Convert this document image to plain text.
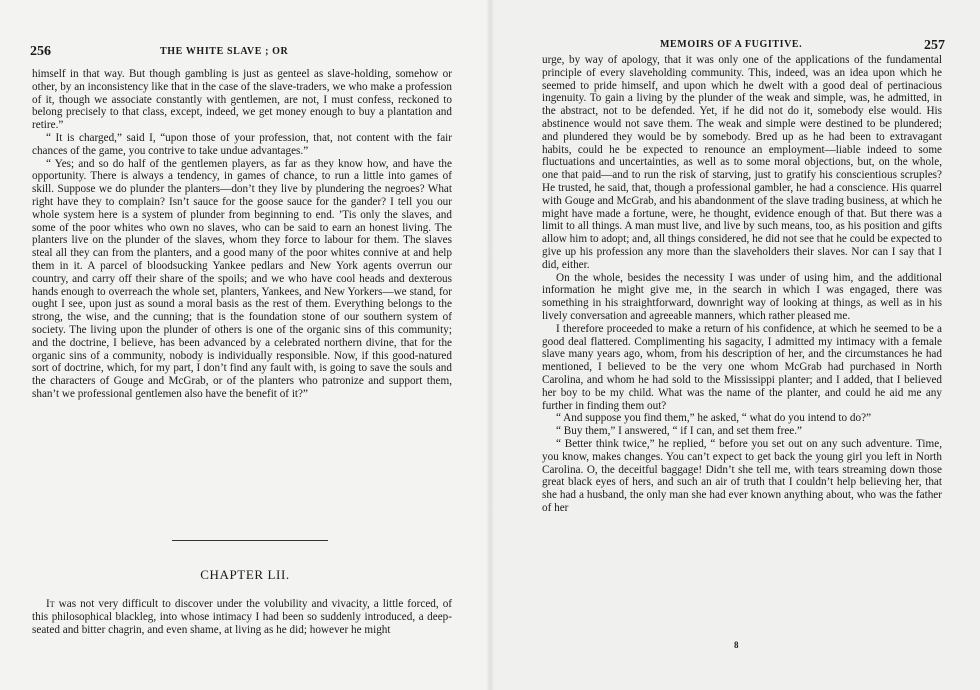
256	THE WHITE SLAVE ; OR

himself in that way. But though gambling is just as genteel as slave-holding, somehow or other, by an inconsistency like that in the case of the slave-traders, we who make a profession of it, though we associate constantly with gentlemen, are not, I must confess, reckoned to belong precisely to that class, except, indeed, we get money enough to buy a plantation and retire.”

“ It is charged,” said I, “upon those of your profession, that, not content with the fair chances of the game, you contrive to take undue advantages.”

“ Yes; and so do half of the gentlemen players, as far as they know how, and have the opportunity. There is always a tendency, in games of chance, to run a little into games of skill. Suppose we do plunder the planters—don’t they live by plundering the negroes? What right have they to complain? Isn’t sauce for the goose sauce for the gander? I tell you our whole system here is a system of plunder from beginning to end. ’Tis only the slaves, and some of the poor whites who own no slaves, who can be said to earn an honest living. The planters live on the plunder of the slaves, whom they force to labour for them. The slaves steal all they can from the planters, and a good many of the poor whites connive at and help them in it. A parcel of bloodsucking Yankee pedlars and New York agents overrun our country, and carry off their share of the spoils; and we who have cool heads and dexterous hands enough to overreach the whole set, planters, Yankees, and New Yorkers—we stand, for ought I see, upon just as sound a moral basis as the rest of them. Everything belongs to the strong, the wise, and the cunning; that is the foundation stone of our southern system of society. The living upon the plunder of others is one of the organic sins of this community; and the doctrine, I believe, has been advanced by a celebrated northern divine, that for the organic sins of a community, nobody is individually responsible. Now, if this good-natured sort of doctrine, which, for my part, I don’t find any fault with, is going to save the souls and the characters of Gouge and McGrab, or of the planters who patronize and support them, shan’t we professional gentlemen also have the benefit of it?”

CHAPTER LII.

It was not very difficult to discover under the volubility and vivacity, a little forced, of this philosophical blackleg, into whose intimacy I had been so suddenly introduced, a deep-seated and bitter chagrin, and even shame, at living as he did; however he might

MEMOIRS OF A FUGITIVE.	257

urge, by way of apology, that it was only one of the applications of the fundamental principle of every slaveholding community. This, indeed, was an idea upon which he seemed to pride himself, and upon which he dwelt with a good deal of pertinacious ingenuity. To gain a living by the plunder of the weak and simple, was, he admitted, in the abstract, not to be defended. Yet, if he did not do it, somebody else would. His abstinence would not save them. The weak and simple were destined to be plundered; and plundered they would be by somebody. Bred up as he had been to extravagant habits, could he be expected to renounce an employment—liable indeed to some fluctuations and uncertainties, as well as to some moral objections, but, on the whole, one that paid—and to run the risk of starving, just to gratify his conscientious scruples? He trusted, he said, that, though a professional gambler, he had a conscience. His quarrel with Gouge and McGrab, and his abandonment of the slave trading business, at which he might have made a fortune, were, he thought, evidence enough of that. But there was a limit to all things. A man must live, and live by such means, too, as his position and gifts allow him to adopt; and, all things considered, he did not see that he could be expected to give up his profession any more than the slaveholders their slaves. Nor can I say that I did, either.

On the whole, besides the necessity I was under of using him, and the additional information he might give me, in the search in which I was engaged, there was something in his straightforward, downright way of looking at things, as well as in his lively conversation and agreeable manners, which rather pleased me.

I therefore proceeded to make a return of his confidence, at which he seemed to be a good deal flattered. Complimenting his sagacity, I admitted my intimacy with a female slave many years ago, whom, from his description of her, and the circumstances he had mentioned, I believed to be the very one whom McGrab had purchased in North Carolina, and whom he had sold to the Mississippi planter; and I added, that I believed her boy to be my child. What was the name of the planter, and could he aid me any further in finding them out?

“ And suppose you find them,” he asked, “ what do you intend to do?”

“ Buy them,” I answered, “ if I can, and set them free.”

“ Better think twice,” he replied, “ before you set out on any such adventure. Time, you know, makes changes. You can’t expect to get back the young girl you left in North Carolina. O, the deceitful baggage! Didn’t she tell me, with tears streaming down those great black eyes of hers, and such an air of truth that I couldn’t help believing her, that she had a husband, the only man she had ever known anything about, who was the father of her

8
